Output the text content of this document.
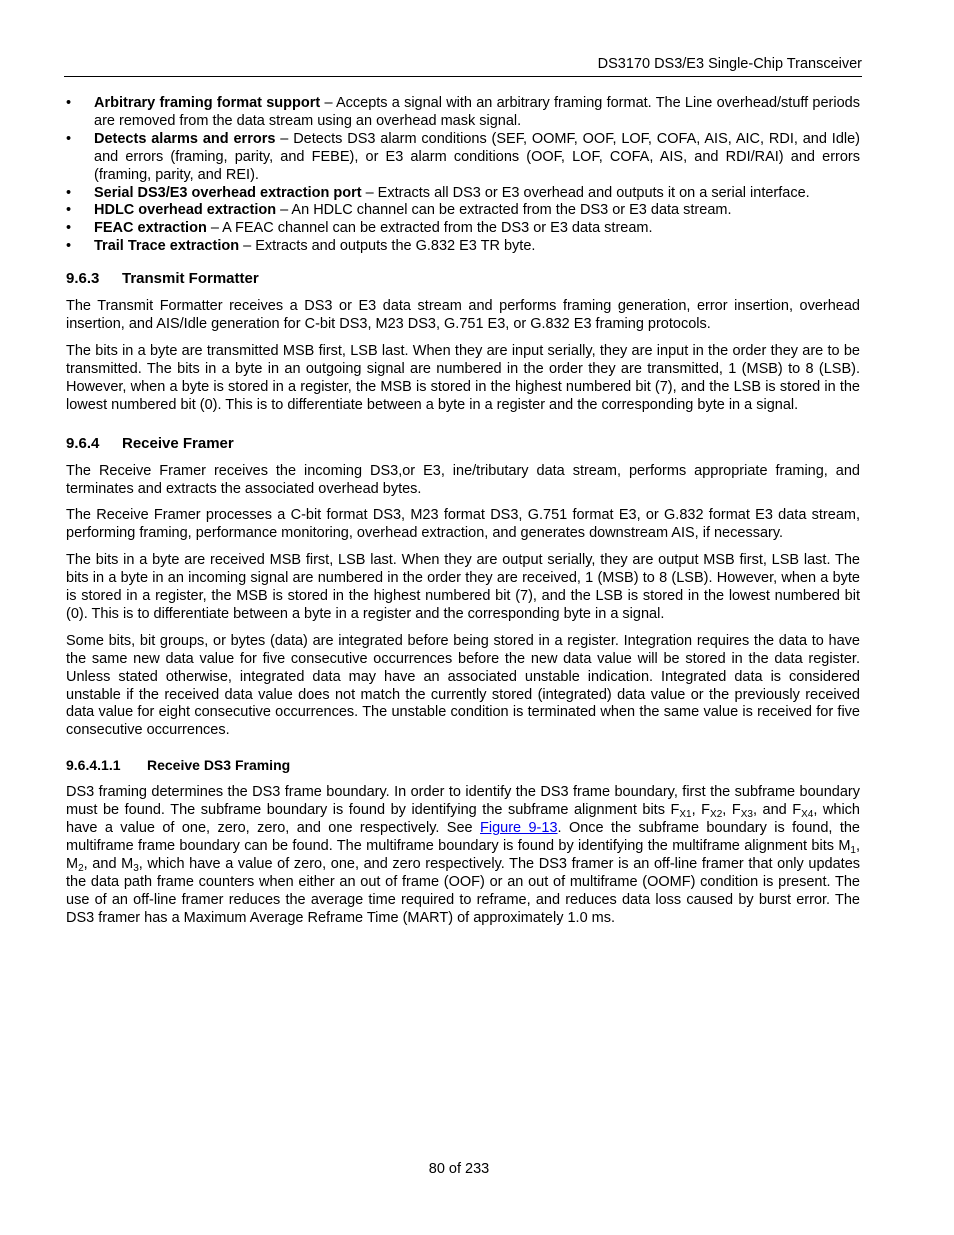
DS3170 DS3/E3 Single-Chip Transceiver
• Arbitrary framing format support – Accepts a signal with an arbitrary framing format. The Line overhead/stuff periods are removed from the data stream using an overhead mask signal.
• Detects alarms and errors – Detects DS3 alarm conditions (SEF, OOMF, OOF, LOF, COFA, AIS, AIC, RDI, and Idle) and errors (framing, parity, and FEBE), or E3 alarm conditions (OOF, LOF, COFA, AIS, and RDI/RAI) and errors (framing, parity, and REI).
• Serial DS3/E3 overhead extraction port – Extracts all DS3 or E3 overhead and outputs it on a serial interface.
• HDLC overhead extraction – An HDLC channel can be extracted from the DS3 or E3 data stream.
• FEAC extraction – A FEAC channel can be extracted from the DS3 or E3 data stream.
• Trail Trace extraction – Extracts and outputs the G.832 E3 TR byte.
9.6.3 Transmit Formatter

The Transmit Formatter receives a DS3 or E3 data stream and performs framing generation, error insertion, overhead insertion, and AIS/Idle generation for C-bit DS3, M23 DS3, G.751 E3, or G.832 E3 framing protocols.

The bits in a byte are transmitted MSB first, LSB last. When they are input serially, they are input in the order they are to be transmitted. The bits in a byte in an outgoing signal are numbered in the order they are transmitted, 1 (MSB) to 8 (LSB). However, when a byte is stored in a register, the MSB is stored in the highest numbered bit (7), and the LSB is stored in the lowest numbered bit (0). This is to differentiate between a byte in a register and the corresponding byte in a signal.

9.6.4 Receive Framer

The Receive Framer receives the incoming DS3,or E3, ine/tributary data stream, performs appropriate framing, and terminates and extracts the associated overhead bytes.

The Receive Framer processes a C-bit format DS3, M23 format DS3, G.751 format E3, or G.832 format E3 data stream, performing framing, performance monitoring, overhead extraction, and generates downstream AIS, if necessary.

The bits in a byte are received MSB first, LSB last. When they are output serially, they are output MSB first, LSB last. The bits in a byte in an incoming signal are numbered in the order they are received, 1 (MSB) to 8 (LSB). However, when a byte is stored in a register, the MSB is stored in the highest numbered bit (7), and the LSB is stored in the lowest numbered bit (0). This is to differentiate between a byte in a register and the corresponding byte in a signal.

Some bits, bit groups, or bytes (data) are integrated before being stored in a register. Integration requires the data to have the same new data value for five consecutive occurrences before the new data value will be stored in the data register. Unless stated otherwise, integrated data may have an associated unstable indication. Integrated data is considered unstable if the received data value does not match the currently stored (integrated) data value or the previously received data value for eight consecutive occurrences. The unstable condition is terminated when the same value is received for five consecutive occurrences.

9.6.4.1.1 Receive DS3 Framing

DS3 framing determines the DS3 frame boundary. In order to identify the DS3 frame boundary, first the subframe boundary must be found. The subframe boundary is found by identifying the subframe alignment bits $F_{X1}$, $F_{X2}$, $F_{X3}$, and $F_{X4}$, which have a value of one, zero, zero, and one respectively. See Figure 9-13. Once the subframe boundary is found, the multiframe frame boundary can be found. The multiframe boundary is found by identifying the multiframe alignment bits $M_1$, $M_2$, and $M_3$, which have a value of zero, one, and zero respectively. The DS3 framer is an off-line framer that only updates the data path frame counters when either an out of frame (OOF) or an out of multiframe (OOMF) condition is present. The use of an off-line framer reduces the average time required to reframe, and reduces data loss caused by burst error. The DS3 framer has a Maximum Average Reframe Time (MART) of approximately 1.0 ms.

80 of 233
